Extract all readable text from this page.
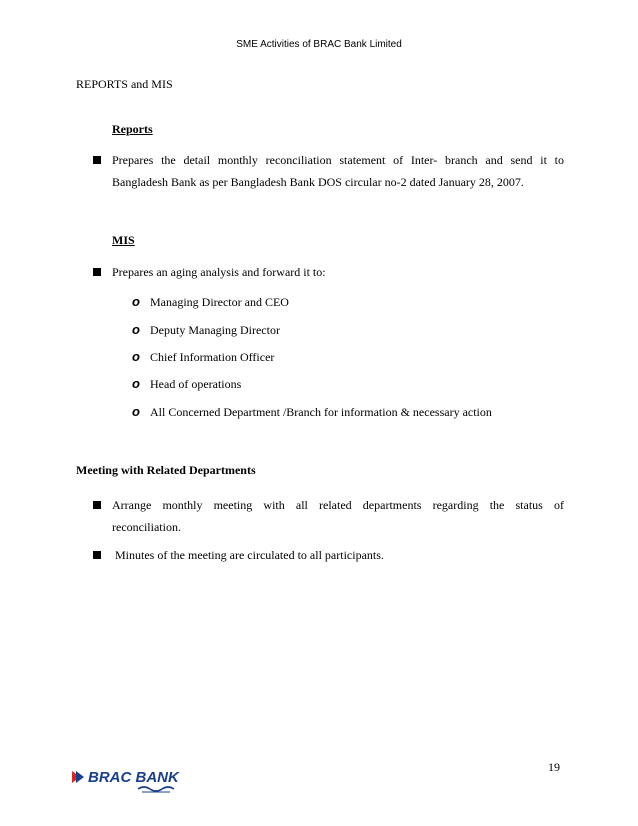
SME Activities of BRAC Bank Limited
REPORTS and MIS
Reports
Prepares the detail monthly reconciliation statement of Inter- branch and send it to
Bangladesh Bank as per Bangladesh Bank DOS circular no-2 dated January 28, 2007.
MIS
Prepares an aging analysis and forward it to:
o Managing Director and CEO
o Deputy Managing Director
o Chief Information Officer
o Head of operations
o All Concerned Department /Branch for information & necessary action
Meeting with Related Departments
Arrange monthly meeting with all related departments regarding the status of
reconciliation.
Minutes of the meeting are circulated to all participants.
19
BRAC BANK
